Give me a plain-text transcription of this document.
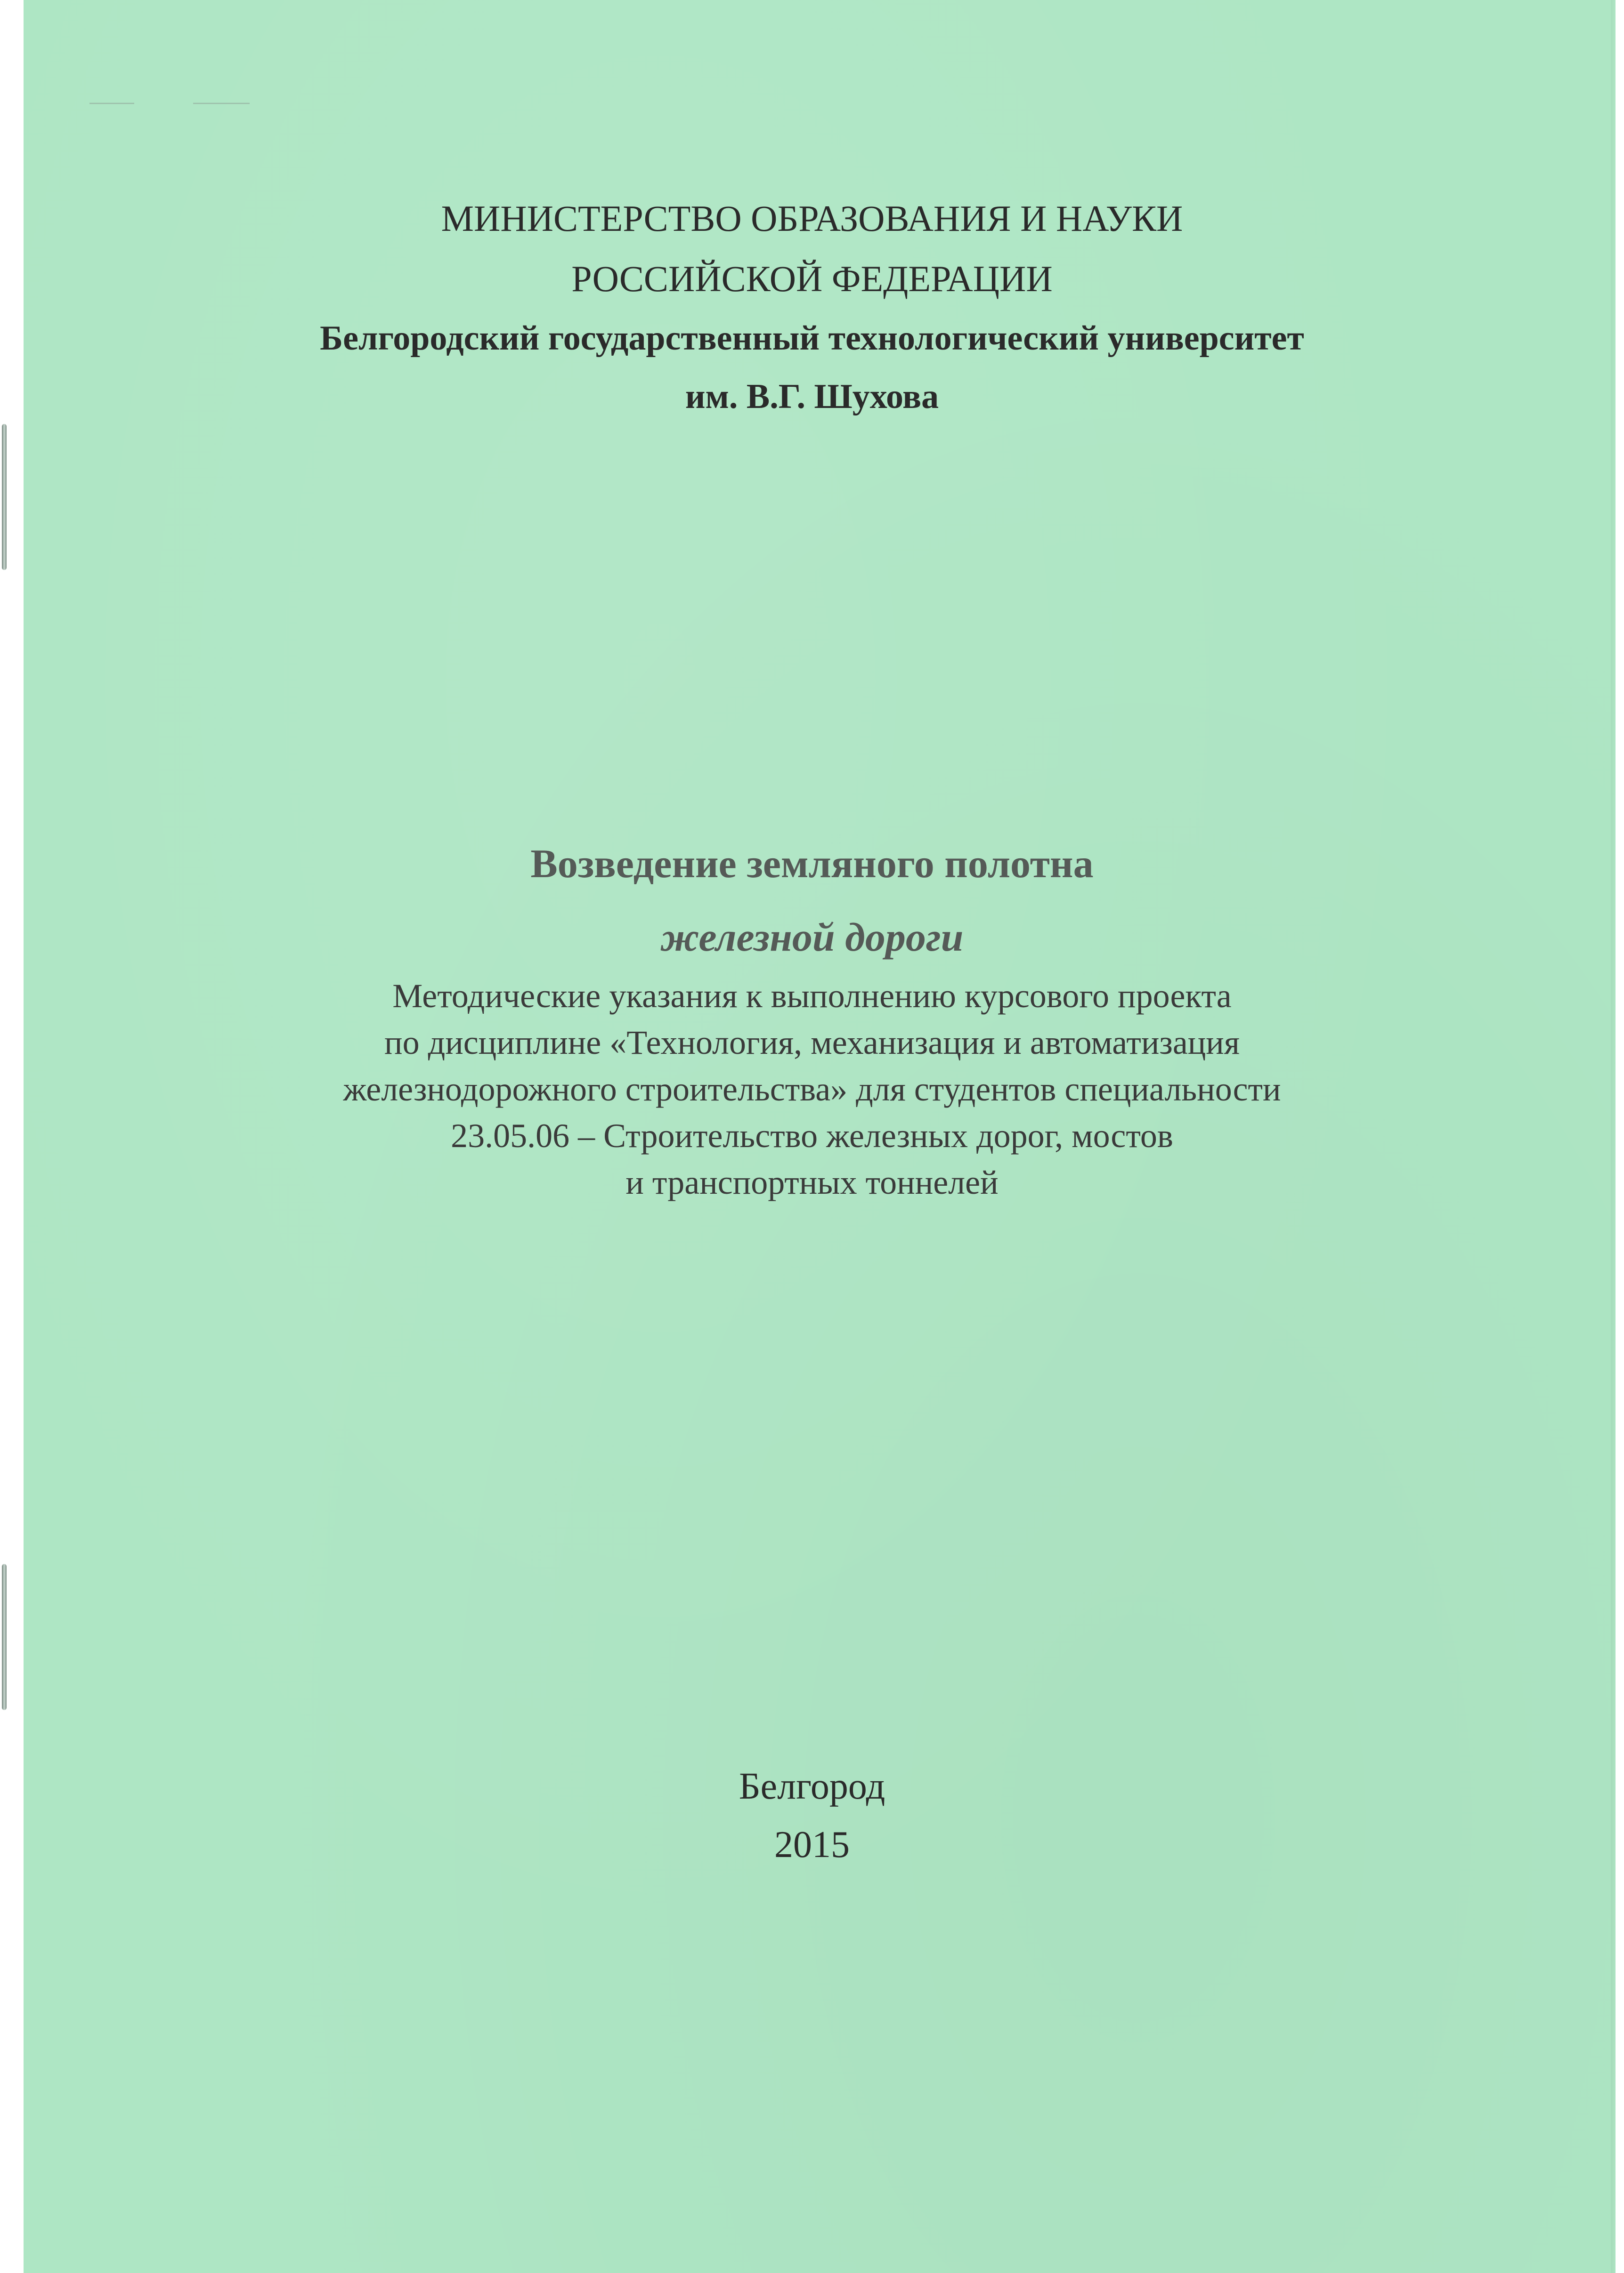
МИНИСТЕРСТВО ОБРАЗОВАНИЯ И НАУКИ
РОССИЙСКОЙ ФЕДЕРАЦИИ
Белгородский государственный технологический университет
им. В.Г. Шухова
Возведение земляного полотна
железной дороги
Методические указания к выполнению курсового проекта
по дисциплине «Технология, механизация и автоматизация
железнодорожного строительства» для студентов специальности
23.05.06 – Строительство железных дорог, мостов
и транспортных тоннелей
Белгород
2015
